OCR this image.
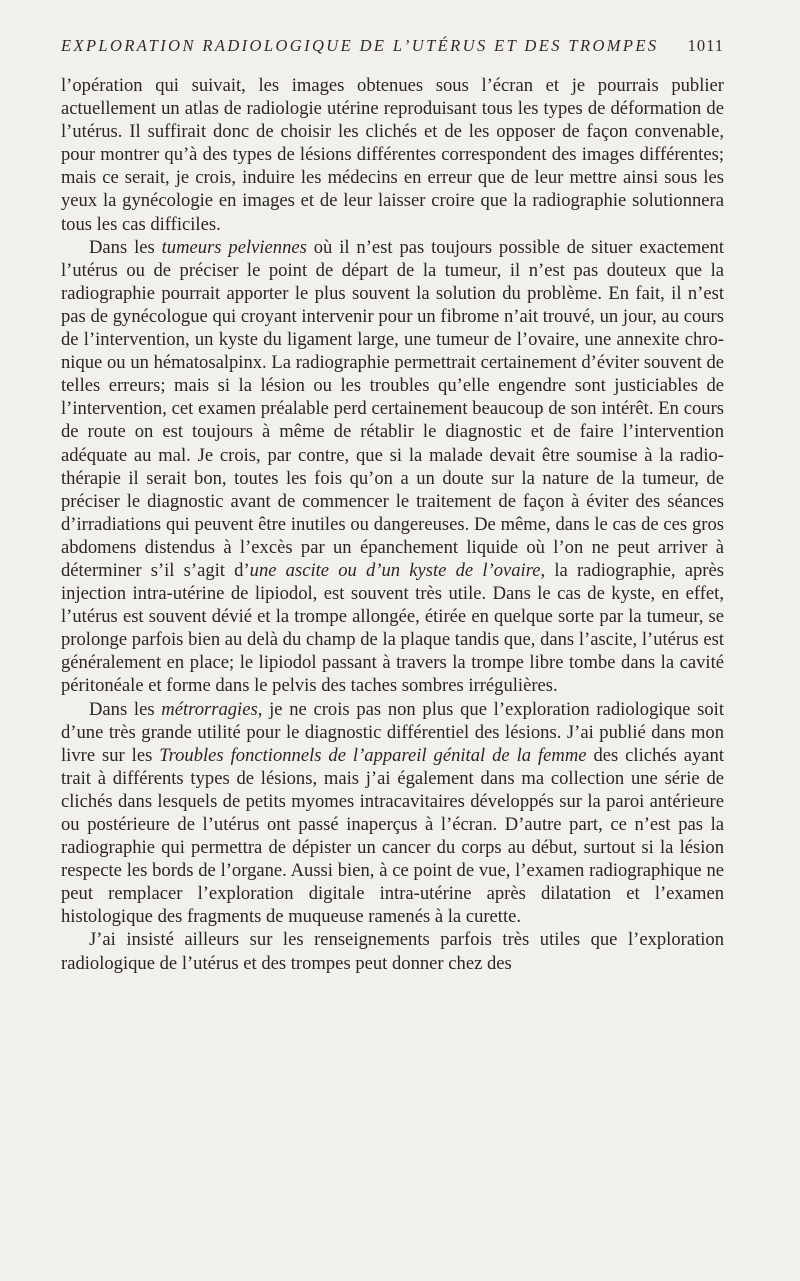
EXPLORATION RADIOLOGIQUE DE L’UTÉRUS ET DES TROMPES 1011

l’opération qui suivait, les images obtenues sous l’écran et je pourrais publier actuellement un atlas de radiologie utérine reproduisant tous les types de déformation de l’utérus. Il suffirait donc de choisir les clichés et de les opposer de façon convenable, pour montrer qu’à des types de lésions différentes correspondent des images différentes; mais ce serait, je crois, induire les médecins en erreur que de leur mettre ainsi sous les yeux la gynécologie en images et de leur laisser croire que la radiographie solutionnera tous les cas difficiles.

Dans les tumeurs pelviennes où il n’est pas toujours possible de situer exactement l’utérus ou de préciser le point de départ de la tumeur, il n’est pas douteux que la radiographie pourrait apporter le plus souvent la solution du problème. En fait, il n’est pas de gynécologue qui croyant intervenir pour un fibrome n’ait trouvé, un jour, au cours de l’intervention, un kyste du ligament large, une tumeur de l’ovaire, une annexite chronique ou un hématosalpinx. La radiographie permettrait certainement d’éviter souvent de telles erreurs; mais si la lésion ou les troubles qu’elle engendre sont justiciables de l’intervention, cet examen préalable perd certainement beaucoup de son intérêt. En cours de route on est toujours à même de rétablir le diagnostic et de faire l’intervention adéquate au mal. Je crois, par contre, que si la malade devait être soumise à la radiothérapie il serait bon, toutes les fois qu’on a un doute sur la nature de la tumeur, de préciser le diagnostic avant de commencer le traitement de façon à éviter des séances d’irradiations qui peuvent être inutiles ou dangereuses. De même, dans le cas de ces gros abdomens distendus à l’excès par un épanchement liquide où l’on ne peut arriver à déterminer s’il s’agit d’une ascite ou d’un kyste de l’ovaire, la radiographie, après injection intra-utérine de lipiodol, est souvent très utile. Dans le cas de kyste, en effet, l’utérus est souvent dévié et la trompe allongée, étirée en quelque sorte par la tumeur, se prolonge parfois bien au delà du champ de la plaque tandis que, dans l’ascite, l’utérus est généralement en place; le lipiodol passant à travers la trompe libre tombe dans la cavité péritonéale et forme dans le pelvis des taches sombres irrégulières.

Dans les métrorragies, je ne crois pas non plus que l’exploration radiologique soit d’une très grande utilité pour le diagnostic différentiel des lésions. J’ai publié dans mon livre sur les Troubles fonctionnels de l’appareil génital de la femme des clichés ayant trait à différents types de lésions, mais j’ai également dans ma collection une série de clichés dans lesquels de petits myomes intracavitaires développés sur la paroi antérieure ou postérieure de l’utérus ont passé inaperçus à l’écran. D’autre part, ce n’est pas la radiographie qui permettra de dépister un cancer du corps au début, surtout si la lésion respecte les bords de l’organe. Aussi bien, à ce point de vue, l’examen radiographique ne peut remplacer l’exploration digitale intra-utérine après dilatation et l’examen histologique des fragments de muqueuse ramenés à la curette.

J’ai insisté ailleurs sur les renseignements parfois très utiles que l’exploration radiologique de l’utérus et des trompes peut donner chez des
